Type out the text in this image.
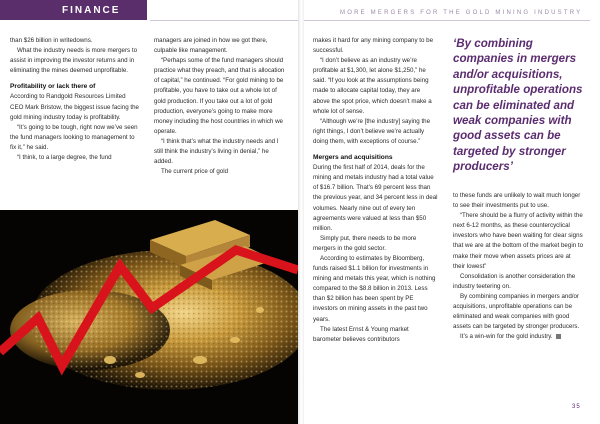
FINANCE	MORE MERGERS FOR THE GOLD MINING INDUSTRY

than $26 billion in writedowns.

What the industry needs is more mergers to assist in improving the investor returns and in eliminating the mines deemed unprofitable.

Profitability or lack there of

According to Randgold Resources Limited CEO Mark Bristow, the biggest issue facing the gold mining industry today is profitability.

“It’s going to be tough, right now we’ve seen the fund managers looking to management to fix it,” he said.

“I think, to a large degree, the fund

managers are joined in how we got there, culpable like management.

“Perhaps some of the fund managers should practice what they preach, and that is allocation of capital,” he continued. “For gold mining to be profitable, you have to take out a whole lot of gold production. If you take out a lot of gold production, everyone’s going to make more money including the host countries in which we operate.

“I think that’s what the industry needs and I still think the industry’s living in denial,” he added.

The current price of gold

makes it hard for any mining company to be successful.

“I don’t believe as an industry we’re profitable at $1,300, let alone $1,250,” he said. “If you look at the assumptions being made to allocate capital today, they are above the spot price, which doesn’t make a whole lot of sense.

“Although we’re [the industry] saying the right things, I don’t believe we’re actually doing them, with exceptions of course.”

Mergers and acquisitions

During the first half of 2014, deals for the mining and metals industry had a total value of $16.7 billion. That’s 69 percent less than the previous year, and 34 percent less in deal volumes. Nearly nine out of every ten agreements were valued at less than $50 million.

Simply put, there needs to be more mergers in the gold sector.

According to estimates by Bloomberg, funds raised $1.1 billion for investments in mining and metals this year, which is nothing compared to the $8.8 billion in 2013. Less than $2 billion has been spent by PE investors on mining assets in the past two years.

The latest Ernst & Young market barometer believes contributors

‘By combining companies in mergers and/or acquisitions, unprofitable operations can be eliminated and weak companies with good assets can be targeted by stronger producers’

to these funds are unlikely to wait much longer to see their investments put to use.

“There should be a flurry of activity within the next 6-12 months, as these countercyclical investors who have been waiting for clear signs that we are at the bottom of the market begin to make their move when assets prices are at their lowest”

Consolidation is another consideration the industry teetering on.

By combining companies in mergers and/or acquisitions, unprofitable operations can be eliminated and weak companies with good assets can be targeted by stronger producers.

It’s a win-win for the gold industry.

35
